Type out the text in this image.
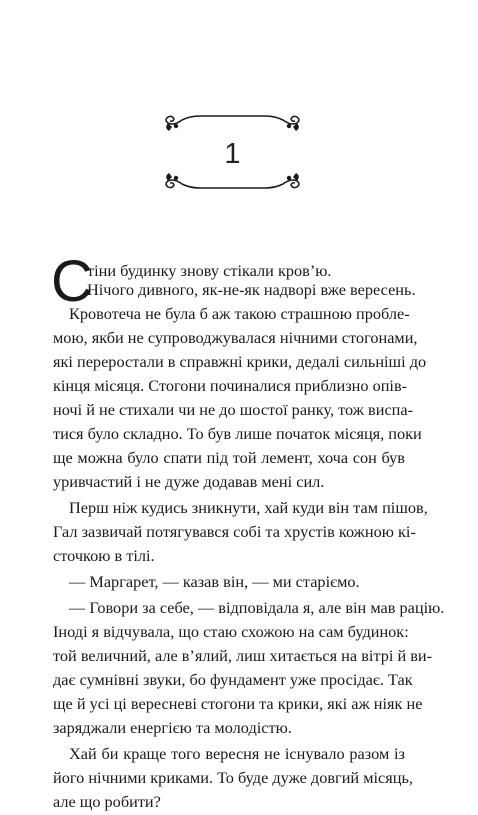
1
С
тіни будинку знову стікали кров’ю.
Нічого дивного, як-не-як надворі вже вересень.
Кровотеча не була б аж такою страшною пробле-
мою, якби не супроводжувалася нічними стогонами,
які переростали в справжні крики, дедалі сильніші до
кінця місяця. Стогони починалися приблизно опів-
ночі й не стихали чи не до шостої ранку, тож виспа-
тися було складно. То був лише початок місяця, поки
ще можна було спати під той лемент, хоча сон був
уривчастий і не дуже додавав мені сил.
Перш ніж кудись зникнути, хай куди він там пішов,
Гал зазвичай потягувався собі та хрустів кожною кі-
сточкою в тілі.
— Маргарет, — казав він, — ми старіємо.
— Говори за себе, — відповідала я, але він мав рацію.
Іноді я відчувала, що стаю схожою на сам будинок:
той величний, але в’ялий, лиш хитається на вітрі й ви-
дає сумнівні звуки, бо фундамент уже просідає. Так
ще й усі ці вересневі стогони та крики, які аж ніяк не
заряджали енергією та молодістю.
Хай би краще того вересня не існувало разом із
його нічними криками. То буде дуже довгий місяць,
але що робити?
